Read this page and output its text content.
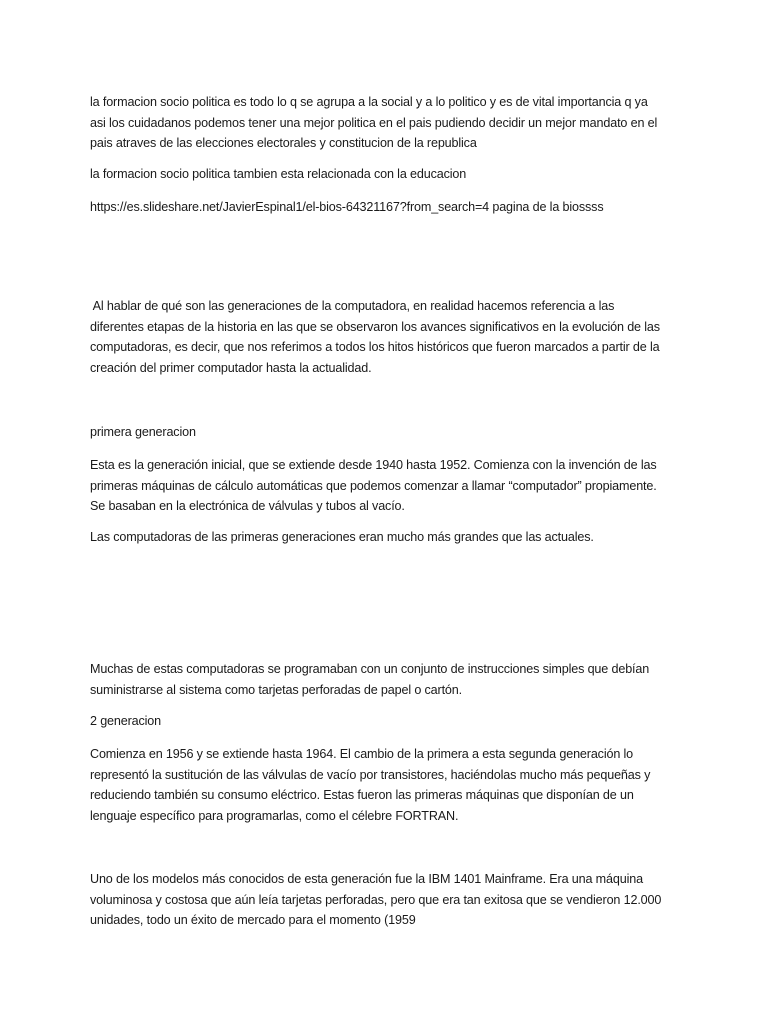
la formacion socio politica es todo lo q se agrupa a la social y a lo politico y es de vital importancia q ya
asi los cuidadanos podemos tener una mejor politica en el pais pudiendo decidir un mejor mandato en el
pais atraves de las elecciones electorales y constitucion de la republica

la formacion socio politica tambien esta relacionada con la educacion

https://es.slideshare.net/JavierEspinal1/el-bios-64321167?from_search=4 pagina de la biossss

Al hablar de qué son las generaciones de la computadora, en realidad hacemos referencia a las
diferentes etapas de la historia en las que se observaron los avances significativos en la evolución de las
computadoras, es decir, que nos referimos a todos los hitos históricos que fueron marcados a partir de la
creación del primer computador hasta la actualidad.

primera generacion

Esta es la generación inicial, que se extiende desde 1940 hasta 1952. Comienza con la invención de las
primeras máquinas de cálculo automáticas que podemos comenzar a llamar “computador” propiamente.
Se basaban en la electrónica de válvulas y tubos al vacío.

Las computadoras de las primeras generaciones eran mucho más grandes que las actuales.

Muchas de estas computadoras se programaban con un conjunto de instrucciones simples que debían
suministrarse al sistema como tarjetas perforadas de papel o cartón.

2 generacion

Comienza en 1956 y se extiende hasta 1964. El cambio de la primera a esta segunda generación lo
representó la sustitución de las válvulas de vacío por transistores, haciéndolas mucho más pequeñas y
reduciendo también su consumo eléctrico. Estas fueron las primeras máquinas que disponían de un
lenguaje específico para programarlas, como el célebre FORTRAN.

Uno de los modelos más conocidos de esta generación fue la IBM 1401 Mainframe. Era una máquina
voluminosa y costosa que aún leía tarjetas perforadas, pero que era tan exitosa que se vendieron 12.000
unidades, todo un éxito de mercado para el momento (1959
